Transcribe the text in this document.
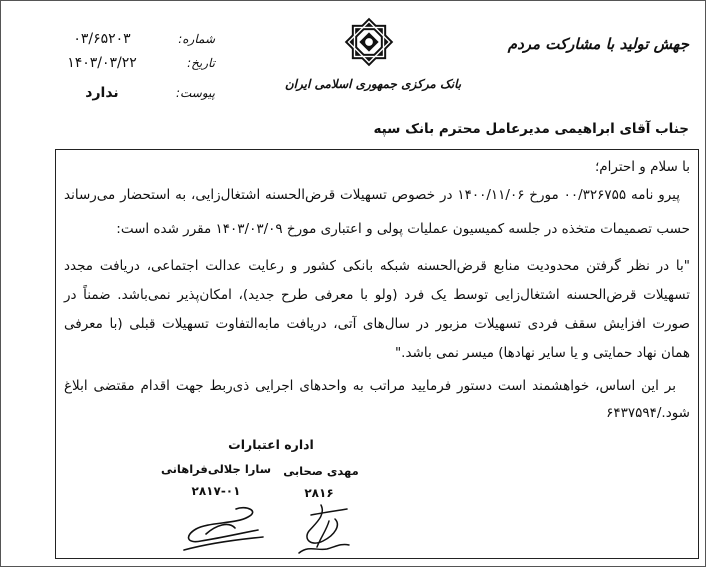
جهش تولید با مشارکت مردم
بانک مرکزی جمهوری اسلامی ایران
شماره:
۰۳/۶۵۲۰۳
تاریخ:
۱۴۰۳/۰۳/۲۲
پیوست:
ندارد
جناب آقای ابراهیمی مدیرعامل محترم بانک سپه

با سلام و احترام؛

پیرو نامه ۰۰/۳۲۶۷۵۵ مورخ ۱۴۰۰/۱۱/۰۶ در خصوص تسهیلات قرض‌الحسنه اشتغال‌زایی، به استحضار می‌رساند حسب تصمیمات متخذه در جلسه کمیسیون عملیات پولی و اعتباری مورخ ۱۴۰۳/۰۳/۰۹ مقرر شده است:

"با در نظر گرفتن محدودیت منابع قرض‌الحسنه شبکه بانکی کشور و رعایت عدالت اجتماعی، دریافت مجدد تسهیلات قرض‌الحسنه اشتغال‌زایی توسط یک فرد (ولو با معرفی طرح جدید)، امکان‌پذیر نمی‌باشد. ضمناً در صورت افزایش سقف فردی تسهیلات مزبور در سال‌های آتی، دریافت مابه‌التفاوت تسهیلات قبلی (با معرفی همان نهاد حمایتی و یا سایر نهادها) میسر نمی باشد."

بر این اساس، خواهشمند است دستور فرمایید مراتب به واحدهای اجرایی ذی‌ربط جهت اقدام مقتضی ابلاغ شود./۶۴۳۷۵۹۴

اداره اعتبارات
مهدی صحابی
۲۸۱۶
سارا جلالی‌فراهانی
۲۸۱۷-۰۱
